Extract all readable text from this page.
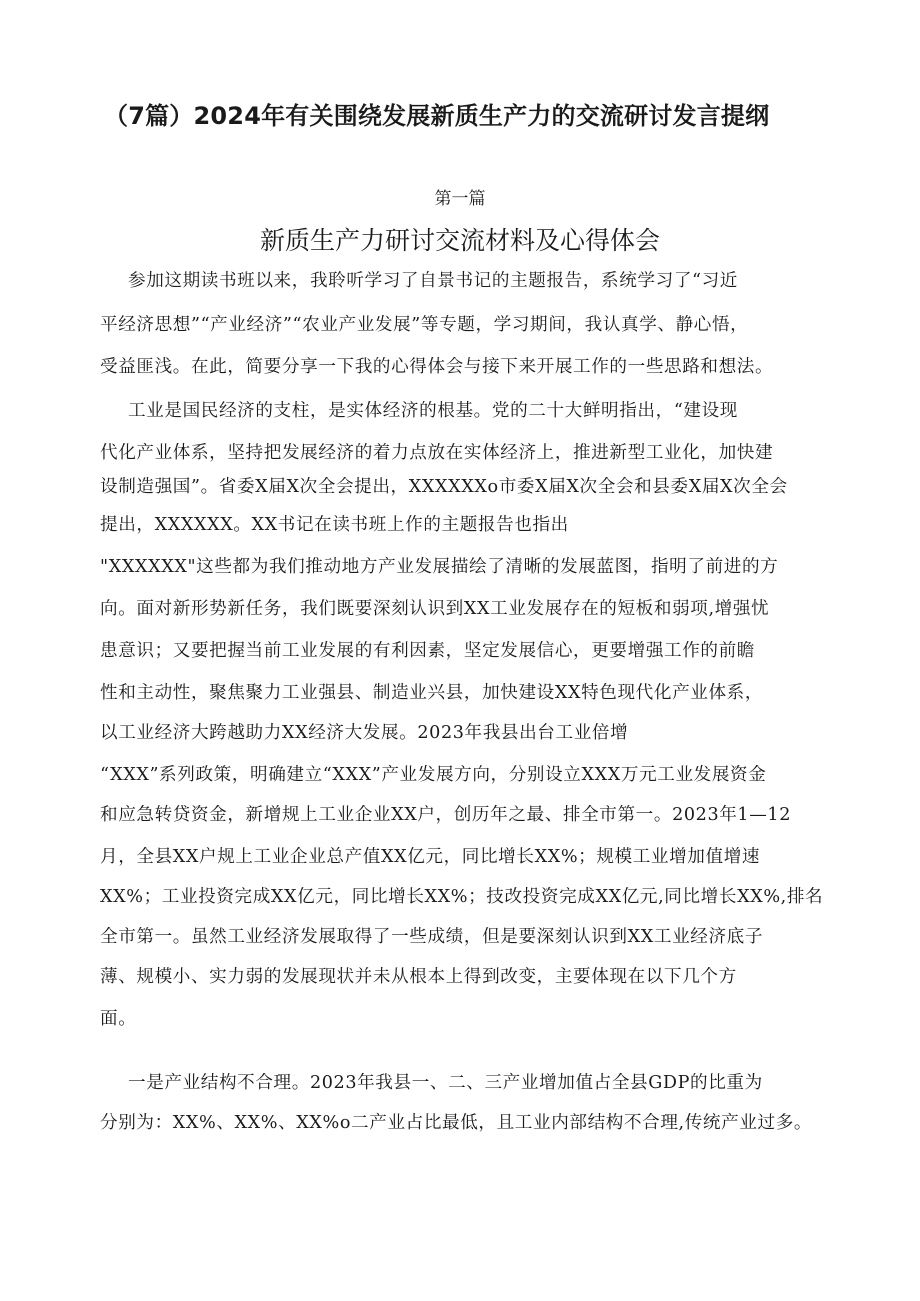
（7篇）2024年有关围绕发展新质生产力的交流研讨发言提纲
第一篇
新质生产力研讨交流材料及心得体会
参加这期读书班以来，我聆听学习了自景书记的主题报告，系统学习了“习近
平经济思想”“产业经济”“农业产业发展”等专题，学习期间，我认真学、静心悟，
受益匪浅。在此，简要分享一下我的心得体会与接下来开展工作的一些思路和想法。
工业是国民经济的支柱，是实体经济的根基。党的二十大鲜明指出，“建设现
代化产业体系，坚持把发展经济的着力点放在实体经济上，推进新型工业化，加快建
设制造强国”。省委X届X次全会提出，XXXXXXo市委X届X次全会和县委X届X次全会
提出，XXXXXX。XX书记在读书班上作的主题报告也指出
"XXXXXX"这些都为我们推动地方产业发展描绘了清晰的发展蓝图，指明了前进的方
向。面对新形势新任务，我们既要深刻认识到XX工业发展存在的短板和弱项,增强忧
患意识；又要把握当前工业发展的有利因素，坚定发展信心，更要增强工作的前瞻
性和主动性，聚焦聚力工业强县、制造业兴县，加快建设XX特色现代化产业体系，
以工业经济大跨越助力XX经济大发展。2023年我县出台工业倍增
“XXX”系列政策，明确建立“XXX”产业发展方向，分别设立XXX万元工业发展资金
和应急转贷资金，新增规上工业企业XX户，创历年之最、排全市第一。2023年1—12
月，全县XX户规上工业企业总产值XX亿元，同比增长XX%；规模工业增加值增速
XX%；工业投资完成XX亿元，同比增长XX%；技改投资完成XX亿元,同比增长XX%,排名
全市第一。虽然工业经济发展取得了一些成绩，但是要深刻认识到XX工业经济底子
薄、规模小、实力弱的发展现状并未从根本上得到改变，主要体现在以下几个方
面。
一是产业结构不合理。2023年我县一、二、三产业增加值占全县GDP的比重为
分别为：XX%、XX%、XX%o二产业占比最低，且工业内部结构不合理,传统产业过多。
